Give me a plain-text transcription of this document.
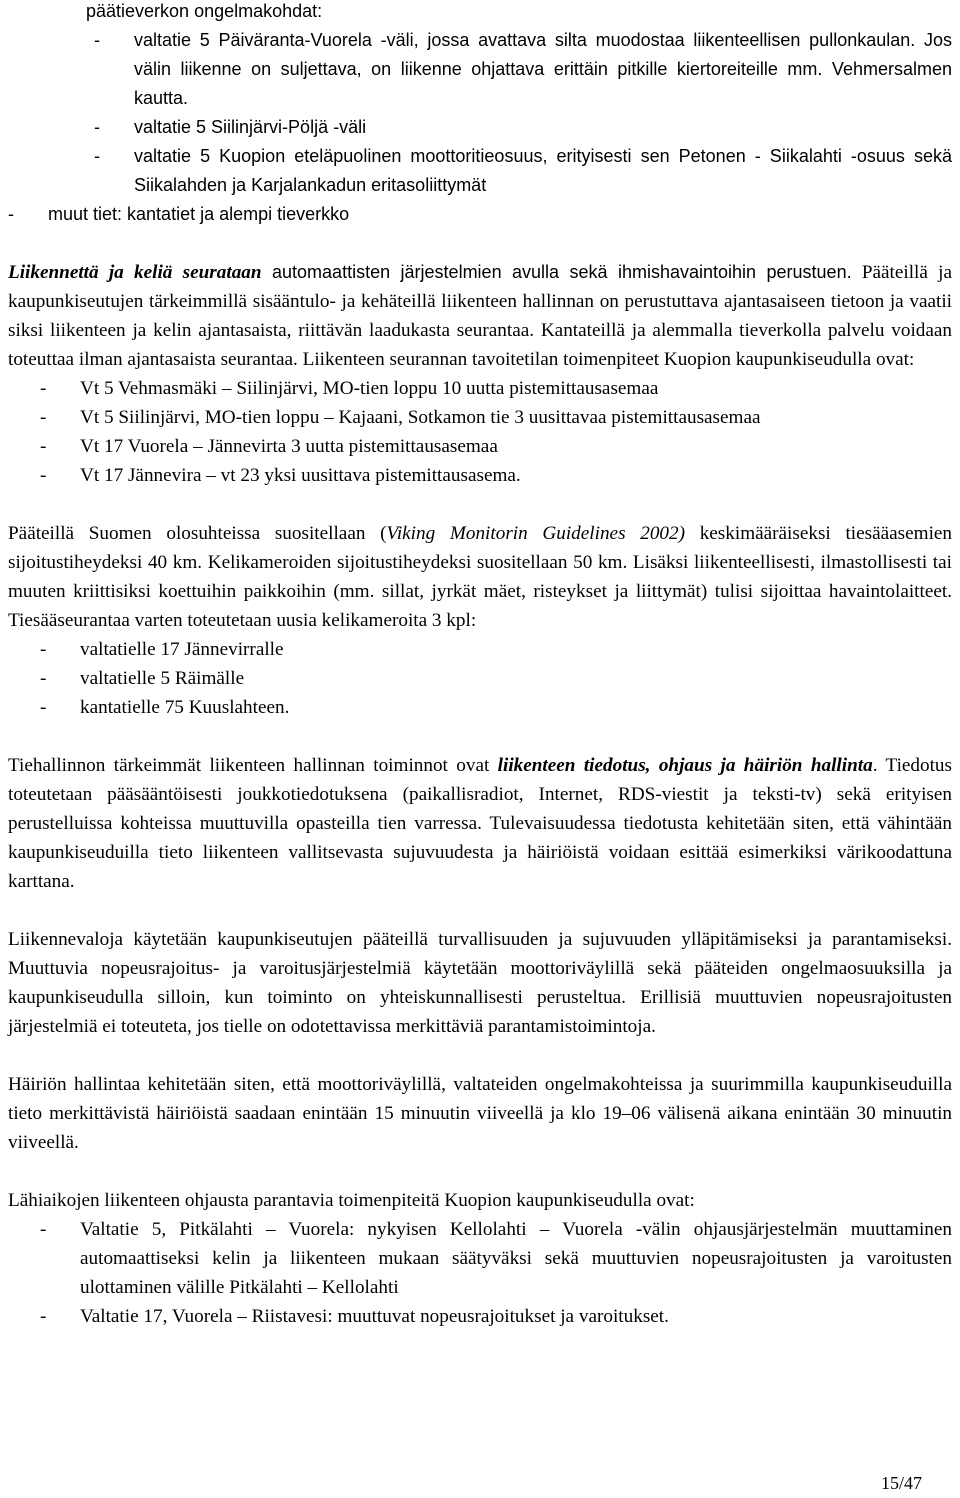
päätieverkon ongelmakohdat:

-	valtatie 5 Päiväranta-Vuorela -väli, jossa avattava silta muodostaa liikenteellisen pullonkaulan. Jos välin liikenne on suljettava, on liikenne ohjattava erittäin pitkille kiertoreiteille mm. Vehmersalmen kautta.
-	valtatie 5 Siilinjärvi-Pöljä -väli
-	valtatie 5 Kuopion eteläpuolinen moottoritieosuus, erityisesti sen Petonen - Siikalahti -osuus sekä Siikalahden ja Karjalankadun eritasoliittymät
-	muut tiet: kantatiet ja alempi tieverkko

Liikennettä ja keliä seurataan automaattisten järjestelmien avulla sekä ihmishavaintoihin perustuen. Pääteillä ja kaupunkiseutujen tärkeimmillä sisääntulo- ja kehäteillä liikenteen hallinnan on perustuttava ajantasaiseen tietoon ja vaatii siksi liikenteen ja kelin ajantasaista, riittävän laadukasta seurantaa. Kantateillä ja alemmalla tieverkolla palvelu voidaan toteuttaa ilman ajantasaista seurantaa. Liikenteen seurannan tavoitetilan toimenpiteet Kuopion kaupunkiseudulla ovat:

-	Vt 5 Vehmasmäki – Siilinjärvi, MO-tien loppu 10 uutta pistemittausasemaa
-	Vt 5 Siilinjärvi, MO-tien loppu – Kajaani, Sotkamon tie 3 uusittavaa pistemittausasemaa
-	Vt 17 Vuorela – Jännevirta 3 uutta pistemittausasemaa
-	Vt 17 Jännevira – vt 23 yksi uusittava pistemittausasema.

Pääteillä Suomen olosuhteissa suositellaan (Viking Monitorin Guidelines 2002) keskimääräiseksi tiesääasemien sijoitustiheydeksi 40 km. Kelikameroiden sijoitustiheydeksi suositellaan 50 km. Lisäksi liikenteellisesti, ilmastollisesti tai muuten kriittisiksi koettuihin paikkoihin (mm. sillat, jyrkät mäet, risteykset ja liittymät) tulisi sijoittaa havaintolaitteet. Tiesääseurantaa varten toteutetaan uusia kelikameroita 3 kpl:

-	valtatielle 17 Jännevirralle
-	valtatielle 5 Räimälle
-	kantatielle 75 Kuuslahteen.

Tiehallinnon tärkeimmät liikenteen hallinnan toiminnot ovat liikenteen tiedotus, ohjaus ja häiriön hallinta. Tiedotus toteutetaan pääsääntöisesti joukkotiedotuksena (paikallisradiot, Internet, RDS-viestit ja teksti-tv) sekä erityisen perustelluissa kohteissa muuttuvilla opasteilla tien varressa. Tulevaisuudessa tiedotusta kehitetään siten, että vähintään kaupunkiseuduilla tieto liikenteen vallitsevasta sujuvuudesta ja häiriöistä voidaan esittää esimerkiksi värikoodattuna karttana.

Liikennevaloja käytetään kaupunkiseutujen pääteillä turvallisuuden ja sujuvuuden ylläpitämiseksi ja parantamiseksi. Muuttuvia nopeusrajoitus- ja varoitusjärjestelmiä käytetään moottoriväylillä sekä pääteiden ongelmaosuuksilla ja kaupunkiseudulla silloin, kun toiminto on yhteiskunnallisesti perusteltua. Erillisiä muuttuvien nopeusrajoitusten järjestelmiä ei toteuteta, jos tielle on odotettavissa merkittäviä parantamistoimintoja.

Häiriön hallintaa kehitetään siten, että moottoriväylillä, valtateiden ongelmakohteissa ja suurimmilla kaupunkiseuduilla tieto merkittävistä häiriöistä saadaan enintään 15 minuutin viiveellä ja klo 19–06 välisenä aikana enintään 30 minuutin viiveellä.

Lähiaikojen liikenteen ohjausta parantavia toimenpiteitä Kuopion kaupunkiseudulla ovat:

-	Valtatie 5, Pitkälahti – Vuorela: nykyisen Kellolahti – Vuorela -välin ohjausjärjestelmän muuttaminen automaattiseksi kelin ja liikenteen mukaan säätyväksi sekä muuttuvien nopeusrajoitusten ja varoitusten ulottaminen välille Pitkälahti – Kellolahti
-	Valtatie 17, Vuorela – Riistavesi: muuttuvat nopeusrajoitukset ja varoitukset.
15/47
